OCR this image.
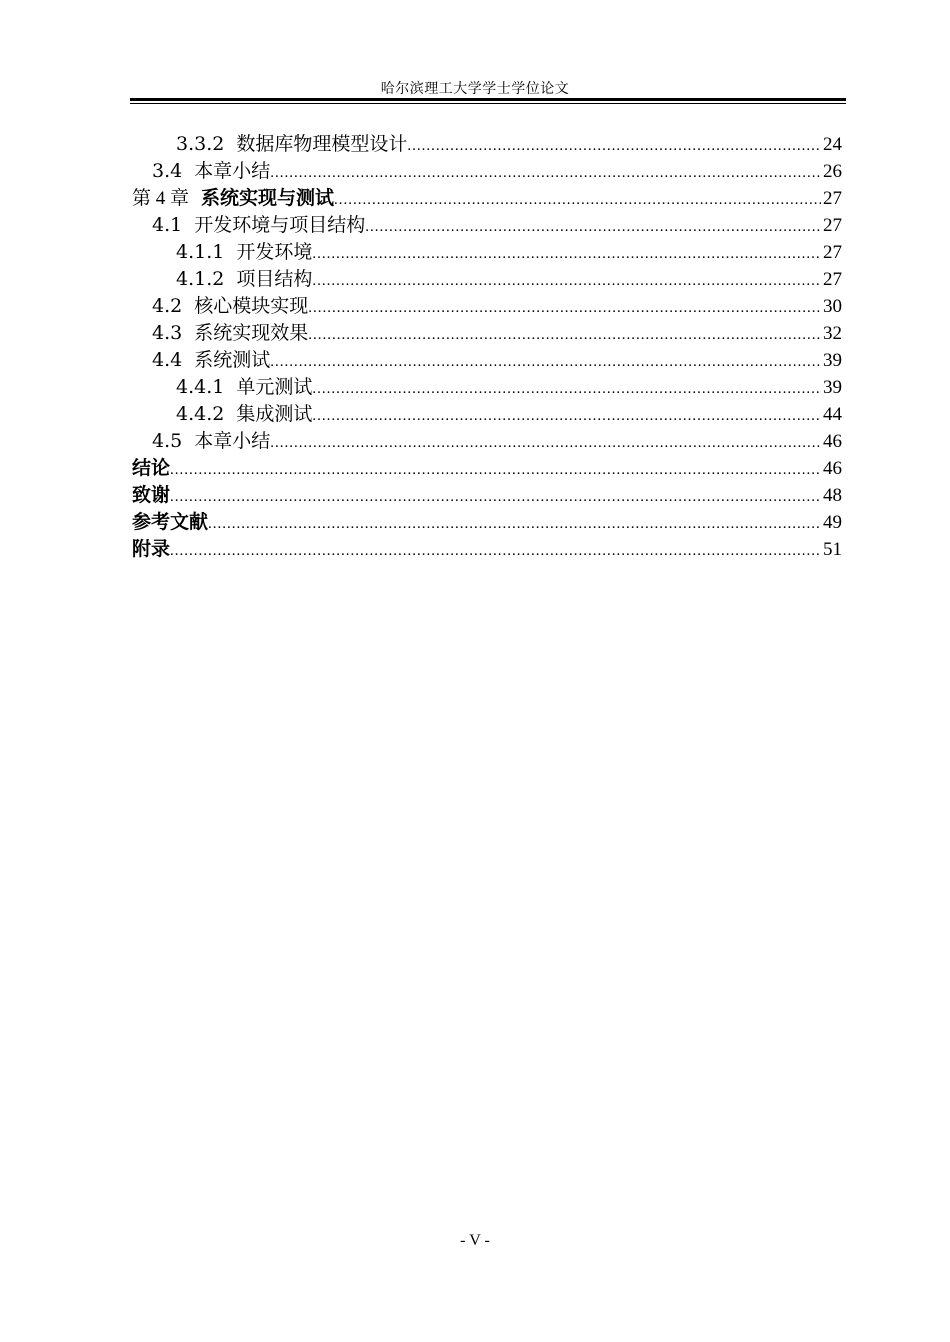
哈尔滨理工大学学士学位论文
3.3.2 数据库物理模型设计 .....	24
3.4 本章小结 .....	26
第 4 章 系统实现与测试 .....	27
4.1 开发环境与项目结构 .....	27
4.1.1 开发环境 .....	27
4.1.2 项目结构 .....	27
4.2 核心模块实现 .....	30
4.3 系统实现效果 .....	32
4.4 系统测试 .....	39
4.4.1 单元测试 .....	39
4.4.2 集成测试 .....	44
4.5 本章小结 .....	46
结论 .....	46
致谢 .....	48
参考文献 .....	49
附录 .....	51
- V -
